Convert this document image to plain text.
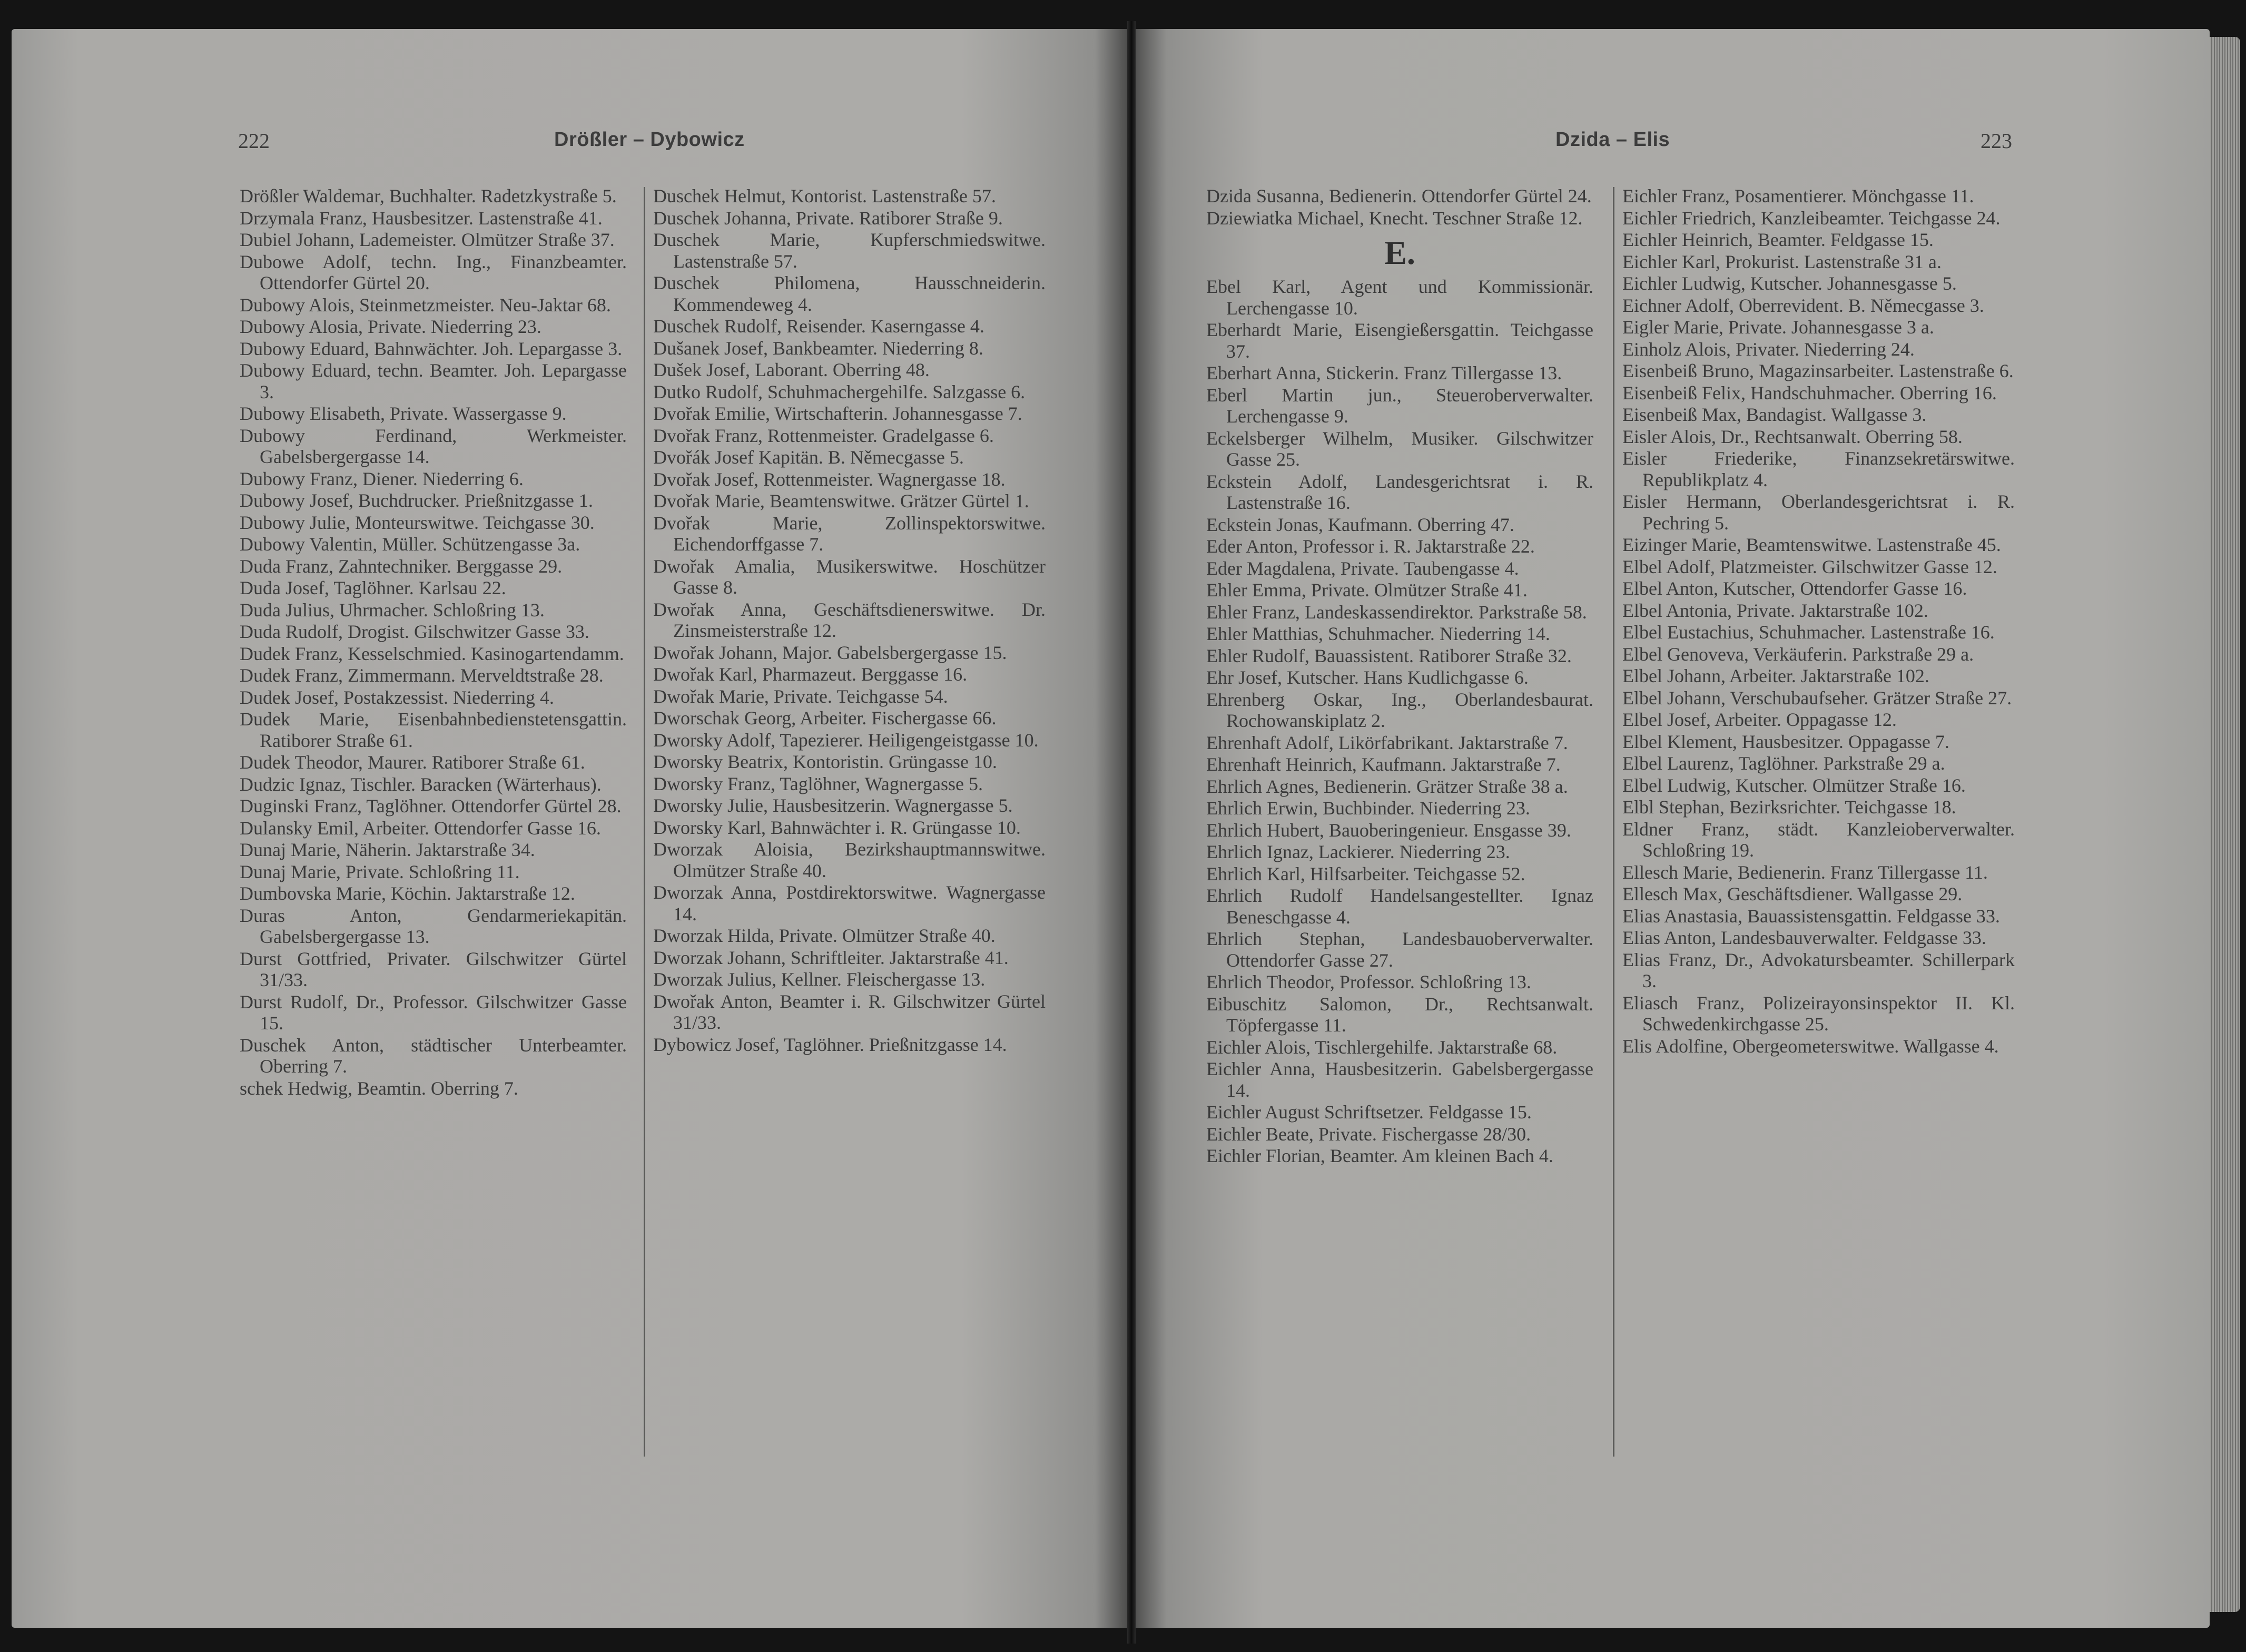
222	Drößler – Dybowicz	Dzida – Elis	223
Drößler Waldemar, Buchhalter. Radetzkystraße 5.
Drzymala Franz, Hausbesitzer. Lastenstraße 41.
Dubiel Johann, Lademeister. Olmützer Straße 37.
Dubowe Adolf, techn. Ing., Finanzbeamter. Ottendorfer Gürtel 20.
Dubowy Alois, Steinmetzmeister. Neu-Jaktar 68.
Dubowy Alosia, Private. Niederring 23.
Dubowy Eduard, Bahnwächter. Joh. Lepargasse 3.
Dubowy Eduard, techn. Beamter. Joh. Lepargasse 3.
Dubowy Elisabeth, Private. Wassergasse 9.
Dubowy Ferdinand, Werkmeister. Gabelsbergergasse 14.
Dubowy Franz, Diener. Niederring 6.
Dubowy Josef, Buchdrucker. Prießnitzgasse 1.
Dubowy Julie, Monteurswitwe. Teichgasse 30.
Dubowy Valentin, Müller. Schützengasse 3a.
Duda Franz, Zahntechniker. Berggasse 29.
Duda Josef, Taglöhner. Karlsau 22.
Duda Julius, Uhrmacher. Schloßring 13.
Duda Rudolf, Drogist. Gilschwitzer Gasse 33.
Dudek Franz, Kesselschmied. Kasinogartendamm.
Dudek Franz, Zimmermann. Merveldtstraße 28.
Dudek Josef, Postakzessist. Niederring 4.
Dudek Marie, Eisenbahnbedienstetensgattin. Ratiborer Straße 61.
Dudek Theodor, Maurer. Ratiborer Straße 61.
Dudzic Ignaz, Tischler. Baracken (Wärterhaus).
Duginski Franz, Taglöhner. Ottendorfer Gürtel 28.
Dulansky Emil, Arbeiter. Ottendorfer Gasse 16.
Dunaj Marie, Näherin. Jaktarstraße 34.
Dunaj Marie, Private. Schloßring 11.
Dumbovska Marie, Köchin. Jaktarstraße 12.
Duras Anton, Gendarmeriekapitän. Gabelsbergergasse 13.
Durst Gottfried, Privater. Gilschwitzer Gürtel 31/33.
Durst Rudolf, Dr., Professor. Gilschwitzer Gasse 15.
Duschek Anton, städtischer Unterbeamter. Oberring 7.
schek Hedwig, Beamtin. Oberring 7.
Duschek Helmut, Kontorist. Lastenstraße 57.
Duschek Johanna, Private. Ratiborer Straße 9.
Duschek Marie, Kupferschmiedswitwe. Lastenstraße 57.
Duschek Philomena, Hausschneiderin. Kommendeweg 4.
Duschek Rudolf, Reisender. Kaserngasse 4.
Dušanek Josef, Bankbeamter. Niederring 8.
Dušek Josef, Laborant. Oberring 48.
Dutko Rudolf, Schuhmachergehilfe. Salzgasse 6.
Dvořak Emilie, Wirtschafterin. Johannesgasse 7.
Dvořak Franz, Rottenmeister. Gradelgasse 6.
Dvořák Josef Kapitän. B. Němecgasse 5.
Dvořak Josef, Rottenmeister. Wagnergasse 18.
Dvořak Marie, Beamtenswitwe. Grätzer Gürtel 1.
Dvořak Marie, Zollinspektorswitwe. Eichendorffgasse 7.
Dwořak Amalia, Musikerswitwe. Hoschützer Gasse 8.
Dwořak Anna, Geschäftsdienerswitwe. Dr. Zinsmeisterstraße 12.
Dwořak Johann, Major. Gabelsbergergasse 15.
Dwořak Karl, Pharmazeut. Berggasse 16.
Dwořak Marie, Private. Teichgasse 54.
Dworschak Georg, Arbeiter. Fischergasse 66.
Dworsky Adolf, Tapezierer. Heiligengeistgasse 10.
Dworsky Beatrix, Kontoristin. Grüngasse 10.
Dworsky Franz, Taglöhner, Wagnergasse 5.
Dworsky Julie, Hausbesitzerin. Wagnergasse 5.
Dworsky Karl, Bahnwächter i. R. Grüngasse 10.
Dworzak Aloisia, Bezirkshauptmannswitwe. Olmützer Straße 40.
Dworzak Anna, Postdirektorswitwe. Wagnergasse 14.
Dworzak Hilda, Private. Olmützer Straße 40.
Dworzak Johann, Schriftleiter. Jaktarstraße 41.
Dworzak Julius, Kellner. Fleischergasse 13.
Dwořak Anton, Beamter i. R. Gilschwitzer Gürtel 31/33.
Dybowicz Josef, Taglöhner. Prießnitzgasse 14.
Dzida Susanna, Bedienerin. Ottendorfer Gürtel 24.
Dziewiatka Michael, Knecht. Teschner Straße 12.
E.
Ebel Karl, Agent und Kommissionär. Lerchengasse 10.
Eberhardt Marie, Eisengießersgattin. Teichgasse 37.
Eberhart Anna, Stickerin. Franz Tillergasse 13.
Eberl Martin jun., Steueroberverwalter. Lerchengasse 9.
Eckelsberger Wilhelm, Musiker. Gilschwitzer Gasse 25.
Eckstein Adolf, Landesgerichtsrat i. R. Lastenstraße 16.
Eckstein Jonas, Kaufmann. Oberring 47.
Eder Anton, Professor i. R. Jaktarstraße 22.
Eder Magdalena, Private. Taubengasse 4.
Ehler Emma, Private. Olmützer Straße 41.
Ehler Franz, Landeskassendirektor. Parkstraße 58.
Ehler Matthias, Schuhmacher. Niederring 14.
Ehler Rudolf, Bauassistent. Ratiborer Straße 32.
Ehr Josef, Kutscher. Hans Kudlichgasse 6.
Ehrenberg Oskar, Ing., Oberlandesbaurat. Rochowanskiplatz 2.
Ehrenhaft Adolf, Likörfabrikant. Jaktarstraße 7.
Ehrenhaft Heinrich, Kaufmann. Jaktarstraße 7.
Ehrlich Agnes, Bedienerin. Grätzer Straße 38 a.
Ehrlich Erwin, Buchbinder. Niederring 23.
Ehrlich Hubert, Bauoberingenieur. Ensgasse 39.
Ehrlich Ignaz, Lackierer. Niederring 23.
Ehrlich Karl, Hilfsarbeiter. Teichgasse 52.
Ehrlich Rudolf Handelsangestellter. Ignaz Beneschgasse 4.
Ehrlich Stephan, Landesbauoberverwalter. Ottendorfer Gasse 27.
Ehrlich Theodor, Professor. Schloßring 13.
Eibuschitz Salomon, Dr., Rechtsanwalt. Töpfergasse 11.
Eichler Alois, Tischlergehilfe. Jaktarstraße 68.
Eichler Anna, Hausbesitzerin. Gabelsbergergasse 14.
Eichler August Schriftsetzer. Feldgasse 15.
Eichler Beate, Private. Fischergasse 28/30.
Eichler Florian, Beamter. Am kleinen Bach 4.
Eichler Franz, Posamentierer. Mönchgasse 11.
Eichler Friedrich, Kanzleibeamter. Teichgasse 24.
Eichler Heinrich, Beamter. Feldgasse 15.
Eichler Karl, Prokurist. Lastenstraße 31 a.
Eichler Ludwig, Kutscher. Johannesgasse 5.
Eichner Adolf, Oberrevident. B. Němecgasse 3.
Eigler Marie, Private. Johannesgasse 3 a.
Einholz Alois, Privater. Niederring 24.
Eisenbeiß Bruno, Magazinsarbeiter. Lastenstraße 6.
Eisenbeiß Felix, Handschuhmacher. Oberring 16.
Eisenbeiß Max, Bandagist. Wallgasse 3.
Eisler Alois, Dr., Rechtsanwalt. Oberring 58.
Eisler Friederike, Finanzsekretärswitwe. Republikplatz 4.
Eisler Hermann, Oberlandesgerichtsrat i. R. Pechring 5.
Eizinger Marie, Beamtenswitwe. Lastenstraße 45.
Elbel Adolf, Platzmeister. Gilschwitzer Gasse 12.
Elbel Anton, Kutscher, Ottendorfer Gasse 16.
Elbel Antonia, Private. Jaktarstraße 102.
Elbel Eustachius, Schuhmacher. Lastenstraße 16.
Elbel Genoveva, Verkäuferin. Parkstraße 29 a.
Elbel Johann, Arbeiter. Jaktarstraße 102.
Elbel Johann, Verschubaufseher. Grätzer Straße 27.
Elbel Josef, Arbeiter. Oppagasse 12.
Elbel Klement, Hausbesitzer. Oppagasse 7.
Elbel Laurenz, Taglöhner. Parkstraße 29 a.
Elbel Ludwig, Kutscher. Olmützer Straße 16.
Elbl Stephan, Bezirksrichter. Teichgasse 18.
Eldner Franz, städt. Kanzleioberverwalter. Schloßring 19.
Ellesch Marie, Bedienerin. Franz Tillergasse 11.
Ellesch Max, Geschäftsdiener. Wallgasse 29.
Elias Anastasia, Bauassistensgattin. Feldgasse 33.
Elias Anton, Landesbauverwalter. Feldgasse 33.
Elias Franz, Dr., Advokatursbeamter. Schillerpark 3.
Eliasch Franz, Polizeirayonsinspektor II. Kl. Schwedenkirchgasse 25.
Elis Adolfine, Obergeometerswitwe. Wallgasse 4.
